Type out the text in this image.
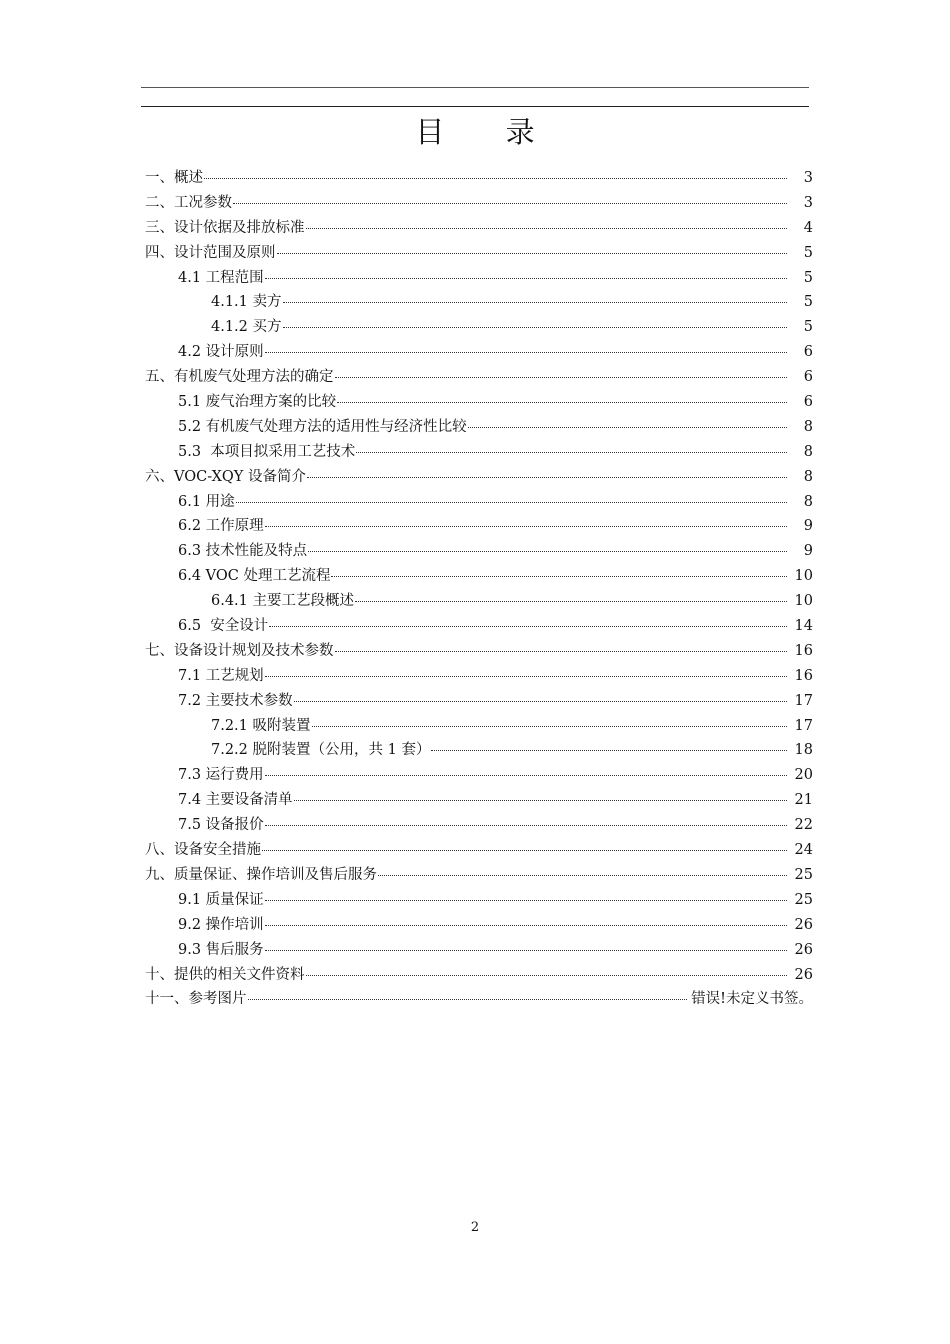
目 录
一、概述	3
二、工况参数	3
三、设计依据及排放标准	4
四、设计范围及原则	5
4.1 工程范围	5
4.1.1 卖方	5
4.1.2 买方	5
4.2 设计原则	6
五、有机废气处理方法的确定	6
5.1 废气治理方案的比较	6
5.2 有机废气处理方法的适用性与经济性比较	8
5.3  本项目拟采用工艺技术	8
六、VOC-XQY 设备简介	8
6.1 用途	8
6.2 工作原理	9
6.3 技术性能及特点	9
6.4 VOC 处理工艺流程	10
6.4.1 主要工艺段概述	10
6.5  安全设计	14
七、设备设计规划及技术参数	16
7.1 工艺规划	16
7.2 主要技术参数	17
7.2.1 吸附装置	17
7.2.2 脱附装置（公用，共 1 套）	18
7.3 运行费用	20
7.4 主要设备清单	21
7.5 设备报价	22
八、设备安全措施	24
九、质量保证、操作培训及售后服务	25
9.1 质量保证	25
9.2 操作培训	26
9.3 售后服务	26
十、提供的相关文件资料	26
十一、参考图片	错误!未定义书签。
2
